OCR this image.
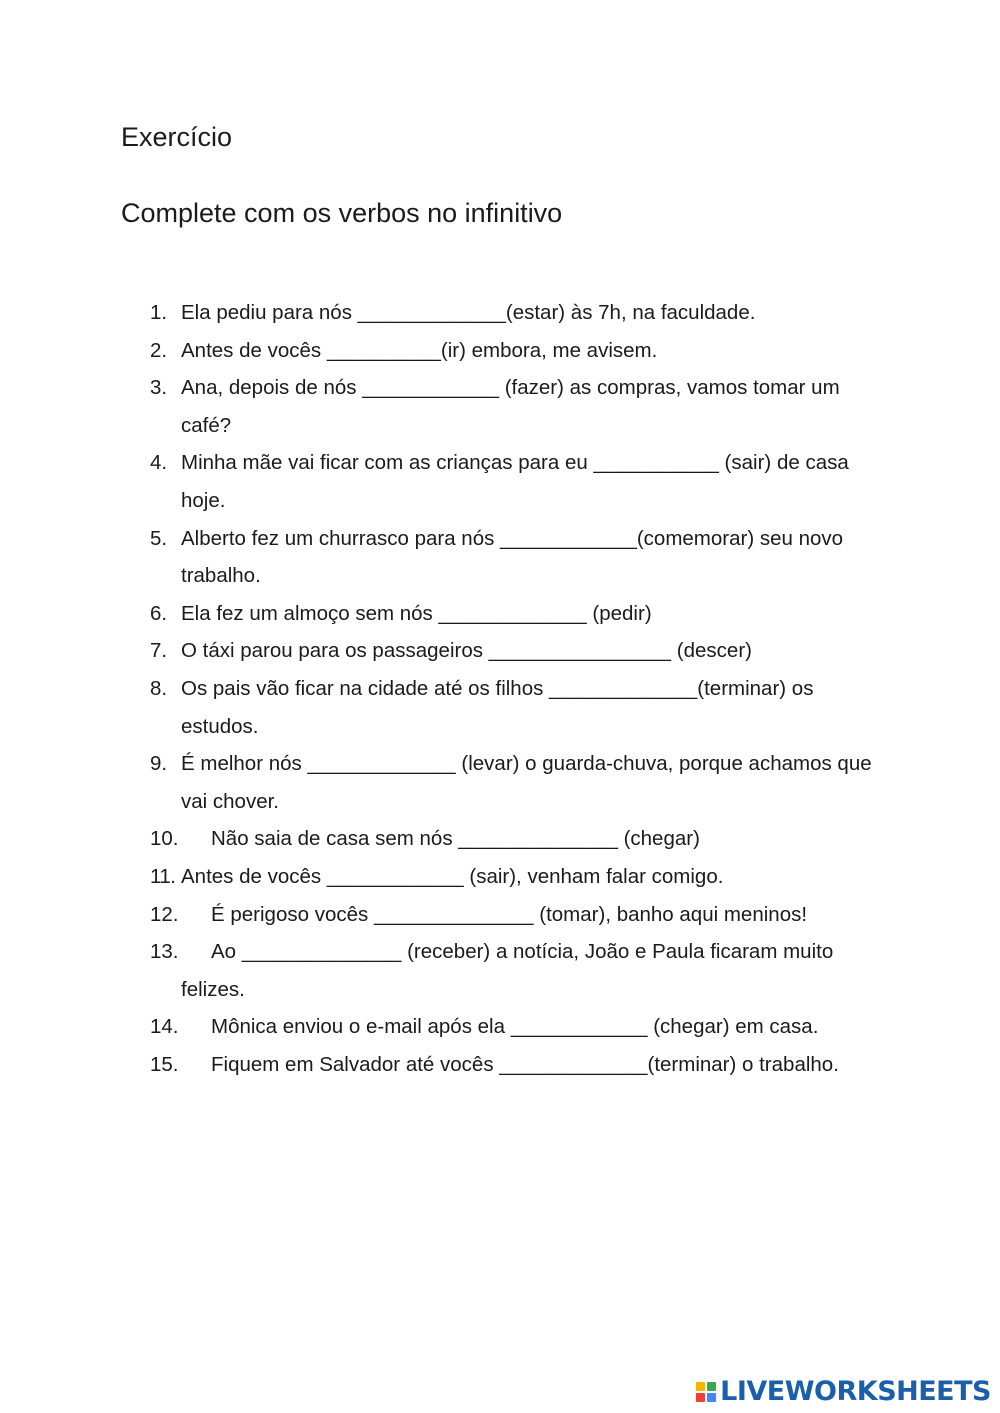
Exercício
Complete com os verbos no infinitivo
1. Ela pediu para nós _____________(estar) às 7h, na faculdade.
2. Antes de vocês __________(ir) embora, me avisem.
3. Ana, depois de nós ____________ (fazer) as compras, vamos tomar um café?
4. Minha mãe vai ficar com as crianças para eu ___________ (sair) de casa hoje.
5. Alberto fez um churrasco para nós ____________(comemorar) seu novo trabalho.
6. Ela fez um almoço sem nós _____________ (pedir)
7. O táxi parou para os passageiros ________________ (descer)
8. Os pais vão ficar na cidade até os filhos _____________(terminar) os estudos.
9. É melhor nós _____________ (levar) o guarda-chuva, porque achamos que vai chover.
10.	Não saia de casa sem nós ______________ (chegar)
11. Antes de vocês ____________ (sair), venham falar comigo.
12.	É perigoso vocês ______________ (tomar), banho aqui meninos!
13.	Ao ______________ (receber) a notícia, João e Paula ficaram muito felizes.
14.	Mônica enviou o e-mail após ela ____________ (chegar) em casa.
15.	Fiquem em Salvador até vocês _____________(terminar) o trabalho.
LIVEWORKSHEETS
